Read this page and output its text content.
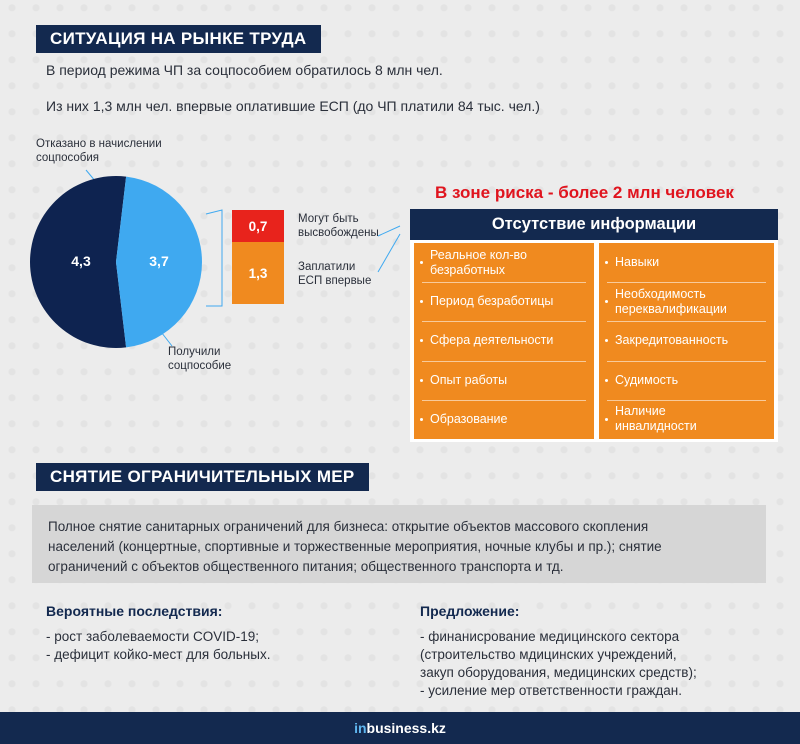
СИТУАЦИЯ НА РЫНКЕ ТРУДА
В период режима ЧП за соцпособием обратилось 8 млн чел.
Из них 1,3 млн чел. впервые оплатившие ЕСП (до ЧП платили 84 тыс. чел.)
Отказано в начислении
соцпособия
Получили
соцпособие
4,3	3,7
0,7
1,3
Могут быть
высвобождены
Заплатили
ЕСП впервые
В зоне риска - более 2 млн человек
Отсутствие информации
Реальное кол-во
безработных
Период безработицы
Сфера деятельности
Опыт работы
Образование
Навыки
Необходимость
переквалификации
Закредитованность
Судимость
Наличие
инвалидности
СНЯТИЕ ОГРАНИЧИТЕЛЬНЫХ МЕР
Полное снятие санитарных ограничений для бизнеса: открытие объектов массового скопления
населений (концертные, спортивные и торжественные мероприятия, ночные клубы и пр.); снятие
ограничений с объектов общественного питания; общественного транспорта и тд.
Вероятные последствия:
- рост заболеваемости COVID-19;
- дефицит койко-мест для больных.
Предложение:
- финанисрование медицинского сектора
(строительство мдицинских учреждений,
закуп оборудования, медицинских средств);
- усиление мер ответственности граждан.
inbusiness.kz
